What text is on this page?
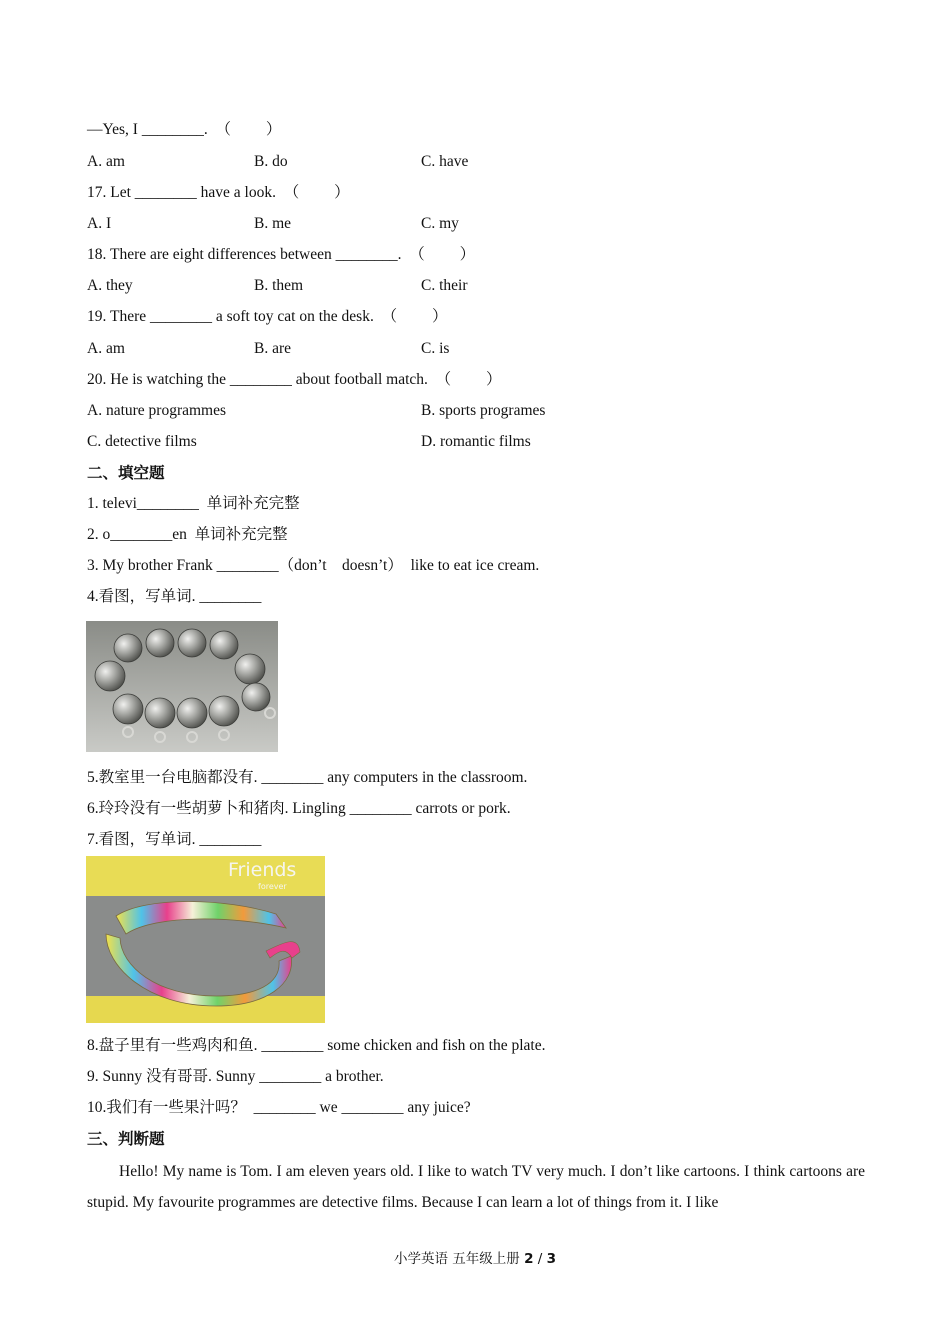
—Yes, I ________.  （         ）
A. am	B. do	C. have
17. Let ________ have a look.  （         ）
A. I	B. me	C. my
18. There are eight differences between ________.  （         ）
A. they	B. them	C. their
19. There ________ a soft toy cat on the desk.  （         ）
A. am	B. are	C. is
20. He is watching the ________ about football match.  （         ）
A. nature programmes	B. sports programes
C. detective films	D. romantic films
二、填空题
1. televi________  单词补充完整
2. o________en  单词补充完整
3. My brother Frank ________（don’t    doesn’t）  like to eat ice cream.
4.看图，写单词. ________
5.教室里一台电脑都没有. ________ any computers in the classroom.
6.玲玲没有一些胡萝卜和猪肉. Lingling ________ carrots or pork.
7.看图，写单词. ________
Friends
forever
8.盘子里有一些鸡肉和鱼. ________ some chicken and fish on the plate.
9. Sunny 没有哥哥. Sunny ________ a brother.
10.我们有一些果汁吗？  ________ we ________ any juice?
三、判断题
Hello! My name is Tom. I am eleven years old. I like to watch TV very much. I don’t like cartoons. I think cartoons are stupid. My favourite programmes are detective films. Because I can learn a lot of things from it. I like
小学英语 五年级上册 2 / 3
